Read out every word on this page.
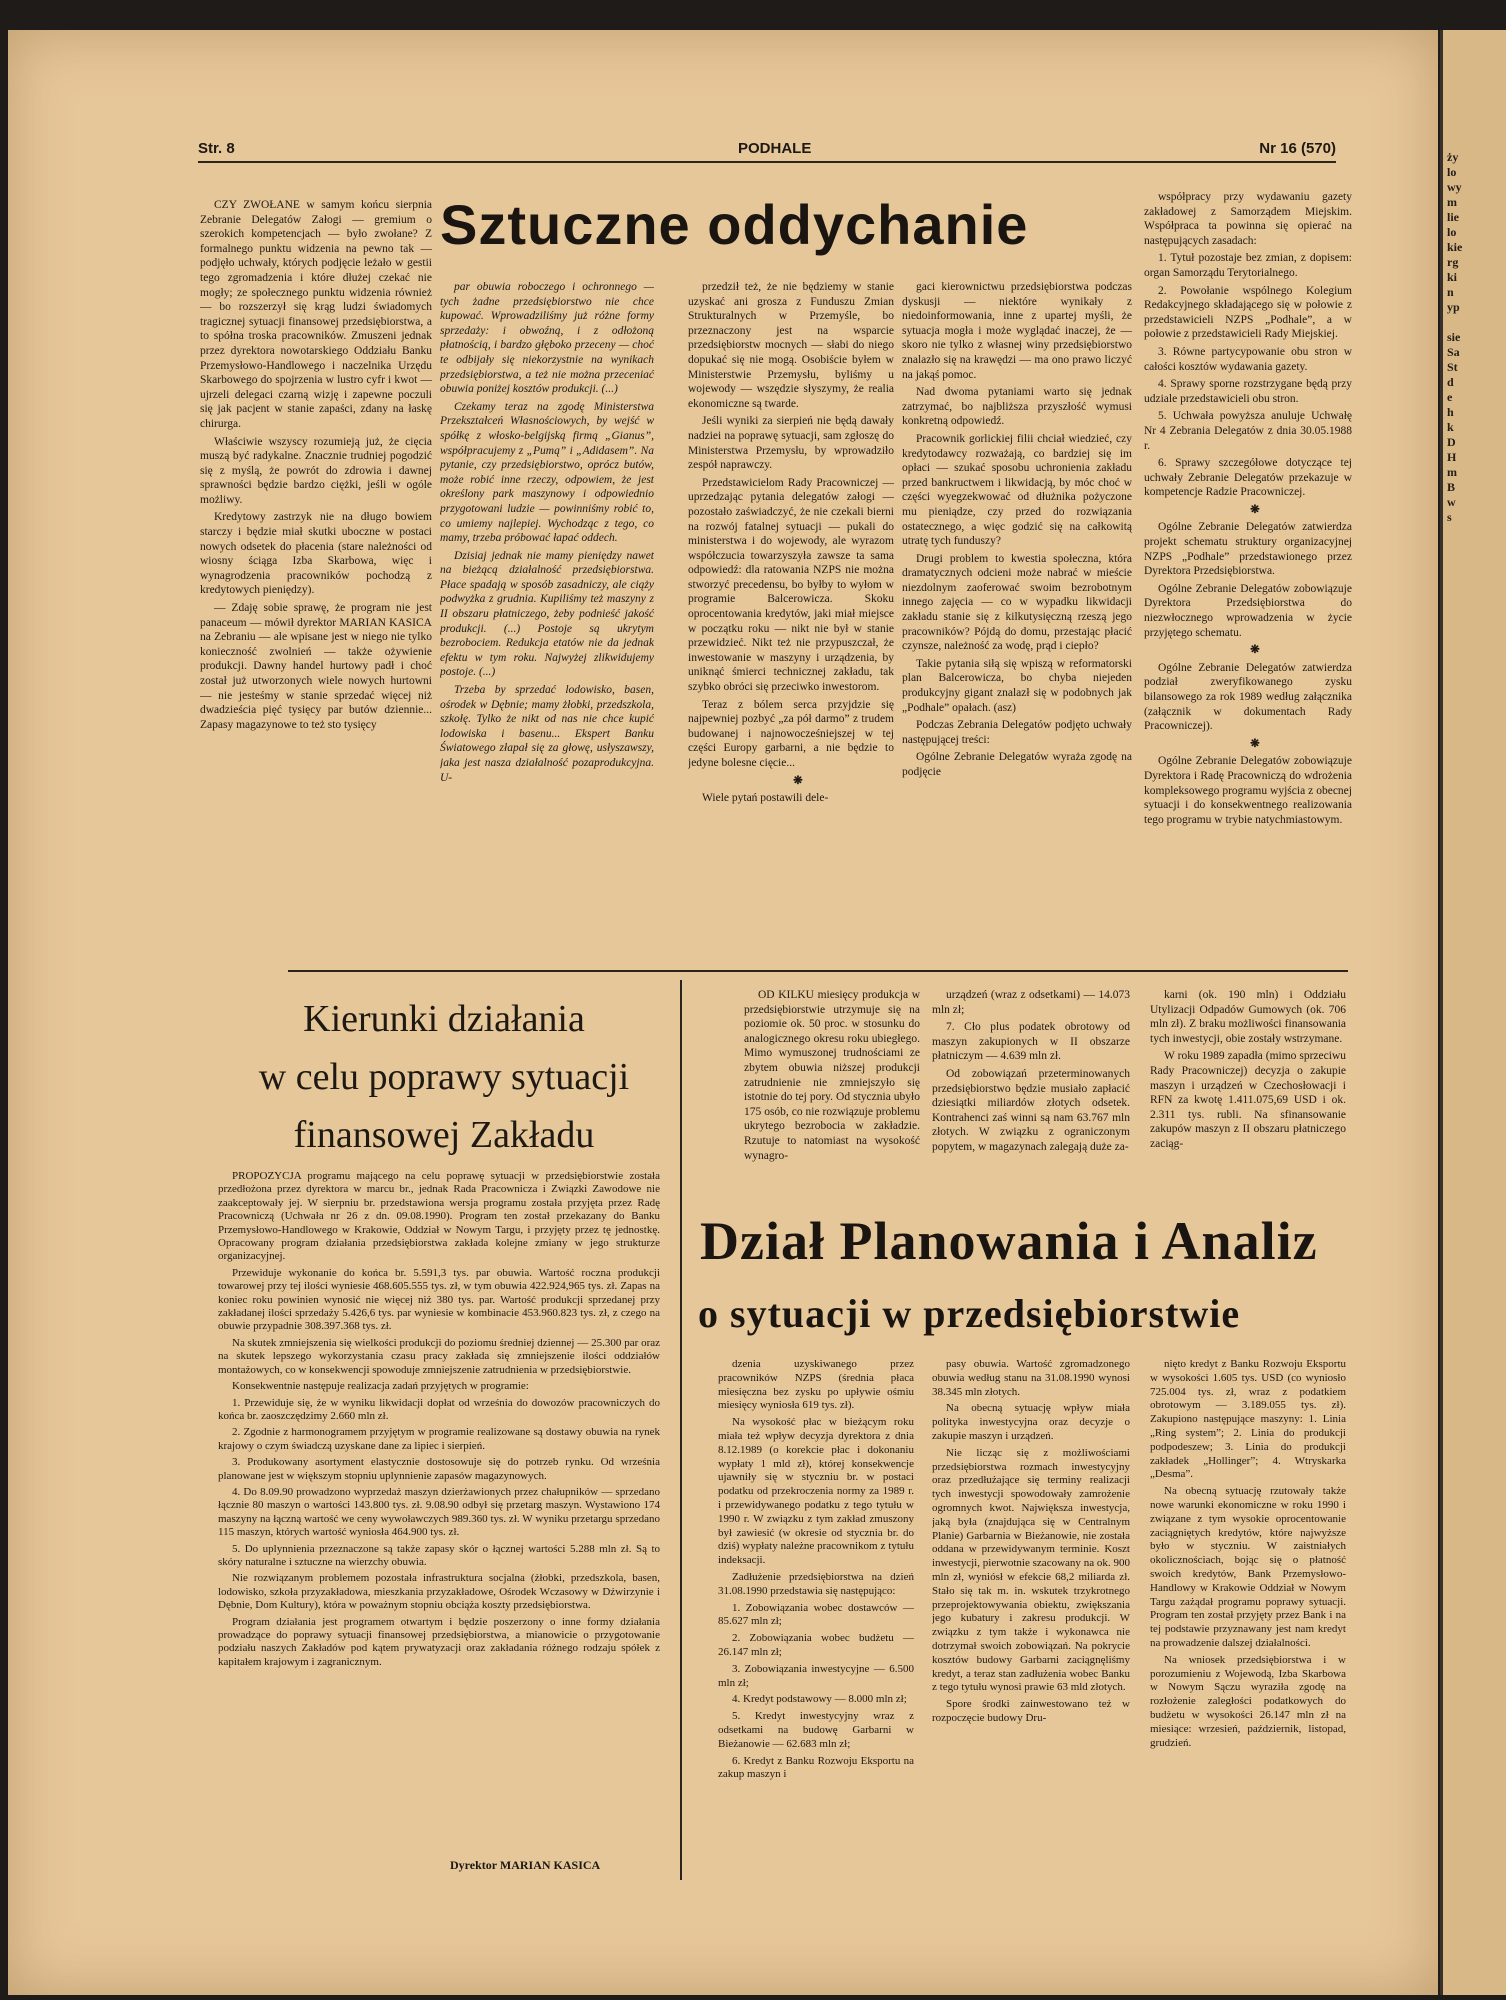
ży
lo
wy
m
lie
lo
kie
rg
ki
n
yp

sie
Sa
St
d
e
h
k
D
H
m
B
w
s
Str. 8	PODHALE	Nr 16 (570)
Sztuczne oddychanie

CZY ZWOŁANE w samym końcu sierpnia Zebranie Delegatów Załogi — gremium o szerokich kompetencjach — było zwołane? Z formalnego punktu widzenia na pewno tak — podjęło uchwały, których podjęcie leżało w gestii tego zgromadzenia i które dłużej czekać nie mogły; ze społecznego punktu widzenia również — bo rozszerzył się krąg ludzi świadomych tragicznej sytuacji finansowej przedsiębiorstwa, a to spółna troska pracowników. Zmuszeni jednak przez dyrektora nowotarskiego Oddziału Banku Przemysłowo-Handlowego i naczelnika Urzędu Skarbowego do spojrzenia w lustro cyfr i kwot — ujrzeli delegaci czarną wizję i zapewne poczuli się jak pacjent w stanie zapaści, zdany na łaskę chirurga.

Właściwie wszyscy rozumieją już, że cięcia muszą być radykalne. Znacznie trudniej pogodzić się z myślą, że powrót do zdrowia i dawnej sprawności będzie bardzo ciężki, jeśli w ogóle możliwy.

Kredytowy zastrzyk nie na długo bowiem starczy i będzie miał skutki uboczne w postaci nowych odsetek do płacenia (stare należności od wiosny ściąga Izba Skarbowa, więc i wynagrodzenia pracowników pochodzą z kredytowych pieniędzy).

— Zdaję sobie sprawę, że program nie jest panaceum — mówił dyrektor MARIAN KASICA na Zebraniu — ale wpisane jest w niego nie tylko konieczność zwolnień — także ożywienie produkcji. Dawny handel hurtowy padł i choć został już utworzonych wiele nowych hurtowni — nie jesteśmy w stanie sprzedać więcej niż dwadzieścia pięć tysięcy par butów dziennie... Zapasy magazynowe to też sto tysięcy

par obuwia roboczego i ochronnego — tych żadne przedsiębiorstwo nie chce kupować. Wprowadziliśmy już różne formy sprzedaży: i obwoźną, i z odłożoną płatnością, i bardzo głęboko przeceny — choć te odbijały się niekorzystnie na wynikach przedsiębiorstwa, a też nie można przeceniać obuwia poniżej kosztów produkcji. (...)

Czekamy teraz na zgodę Ministerstwa Przekształceń Własnościowych, by wejść w spółkę z włosko-belgijską firmą „Gianus”, współpracujemy z „Pumą” i „Adidasem”. Na pytanie, czy przedsiębiorstwo, oprócz butów, może robić inne rzeczy, odpowiem, że jest określony park maszynowy i odpowiednio przygotowani ludzie — powinniśmy robić to, co umiemy najlepiej. Wychodząc z tego, co mamy, trzeba próbować łapać oddech.

Dzisiaj jednak nie mamy pieniędzy nawet na bieżącą działalność przedsiębiorstwa. Płace spadają w sposób zasadniczy, ale ciąży podwyżka z grudnia. Kupiliśmy też maszyny z II obszaru płatniczego, żeby podnieść jakość produkcji. (...) Postoje są ukrytym bezrobociem. Redukcja etatów nie da jednak efektu w tym roku. Najwyżej zlikwidujemy postoje. (...)

Trzeba by sprzedać lodowisko, basen, ośrodek w Dębnie; mamy żłobki, przedszkola, szkołę. Tylko że nikt od nas nie chce kupić lodowiska i basenu... Ekspert Banku Światowego złapał się za głowę, usłyszawszy, jaka jest nasza działalność pozaprodukcyjna. U-

przedził też, że nie będziemy w stanie uzyskać ani grosza z Funduszu Zmian Strukturalnych w Przemyśle, bo przeznaczony jest na wsparcie przedsiębiorstw mocnych — słabi do niego dopukać się nie mogą. Osobiście byłem w Ministerstwie Przemysłu, byliśmy u wojewody — wszędzie słyszymy, że realia ekonomiczne są twarde.

Jeśli wyniki za sierpień nie będą dawały nadziei na poprawę sytuacji, sam zgłoszę do Ministerstwa Przemysłu, by wprowadziło zespół naprawczy.

Przedstawicielom Rady Pracowniczej — uprzedzając pytania delegatów załogi — pozostało zaświadczyć, że nie czekali bierni na rozwój fatalnej sytuacji — pukali do ministerstwa i do wojewody, ale wyrazom współczucia towarzyszyła zawsze ta sama odpowiedź: dla ratowania NZPS nie można stworzyć precedensu, bo byłby to wyłom w programie Balcerowicza. Skoku oprocentowania kredytów, jaki miał miejsce w początku roku — nikt nie był w stanie przewidzieć. Nikt też nie przypuszczał, że inwestowanie w maszyny i urządzenia, by uniknąć śmierci technicznej zakładu, tak szybko obróci się przeciwko inwestorom.

Teraz z bólem serca przyjdzie się najpewniej pozbyć „za pół darmo” z trudem budowanej i najnowocześniejszej w tej części Europy garbarni, a nie będzie to jedyne bolesne cięcie...

❋

Wiele pytań postawili dele-

gaci kierownictwu przedsiębiorstwa podczas dyskusji — niektóre wynikały z niedoinformowania, inne z upartej myśli, że sytuacja mogła i może wyglądać inaczej, że — skoro nie tylko z własnej winy przedsiębiorstwo znalazło się na krawędzi — ma ono prawo liczyć na jakąś pomoc.

Nad dwoma pytaniami warto się jednak zatrzymać, bo najbliższa przyszłość wymusi konkretną odpowiedź.

Pracownik gorlickiej filii chciał wiedzieć, czy kredytodawcy rozważają, co bardziej się im opłaci — szukać sposobu uchronienia zakładu przed bankructwem i likwidacją, by móc choć w części wyegzekwować od dłużnika pożyczone mu pieniądze, czy przed do rozwiązania ostatecznego, a więc godzić się na całkowitą utratę tych funduszy?

Drugi problem to kwestia społeczna, która dramatycznych odcieni może nabrać w mieście niezdolnym zaoferować swoim bezrobotnym innego zajęcia — co w wypadku likwidacji zakładu stanie się z kilkutysięczną rzeszą jego pracowników? Pójdą do domu, przestając płacić czynsze, należność za wodę, prąd i ciepło?

Takie pytania siłą się wpiszą w reformatorski plan Balcerowicza, bo chyba niejeden produkcyjny gigant znalazł się w podobnych jak „Podhale” opałach. (asz)

Podczas Zebrania Delegatów podjęto uchwały następującej treści:

Ogólne Zebranie Delegatów wyraża zgodę na podjęcie

współpracy przy wydawaniu gazety zakładowej z Samorządem Miejskim. Współpraca ta powinna się opierać na następujących zasadach:

1. Tytuł pozostaje bez zmian, z dopisem: organ Samorządu Terytorialnego.

2. Powołanie wspólnego Kolegium Redakcyjnego składającego się w połowie z przedstawicieli NZPS „Podhale”, a w połowie z przedstawicieli Rady Miejskiej.

3. Równe partycypowanie obu stron w całości kosztów wydawania gazety.

4. Sprawy sporne rozstrzygane będą przy udziale przedstawicieli obu stron.

5. Uchwała powyższa anuluje Uchwałę Nr 4 Zebrania Delegatów z dnia 30.05.1988 r.

6. Sprawy szczegółowe dotyczące tej uchwały Zebranie Delegatów przekazuje w kompetencje Radzie Pracowniczej.

❋

Ogólne Zebranie Delegatów zatwierdza projekt schematu struktury organizacyjnej NZPS „Podhale” przedstawionego przez Dyrektora Przedsiębiorstwa.

Ogólne Zebranie Delegatów zobowiązuje Dyrektora Przedsiębiorstwa do niezwłocznego wprowadzenia w życie przyjętego schematu.

❋

Ogólne Zebranie Delegatów zatwierdza podział zweryfikowanego zysku bilansowego za rok 1989 według załącznika (załącznik w dokumentach Rady Pracowniczej).

❋

Ogólne Zebranie Delegatów zobowiązuje Dyrektora i Radę Pracowniczą do wdrożenia kompleksowego programu wyjścia z obecnej sytuacji i do konsekwentnego realizowania tego programu w trybie natychmiastowym.

Kierunki działania
w celu poprawy sytuacji
finansowej Zakładu

PROPOZYCJA programu mającego na celu poprawę sytuacji w przedsiębiorstwie została przedłożona przez dyrektora w marcu br., jednak Rada Pracownicza i Związki Zawodowe nie zaakceptowały jej. W sierpniu br. przedstawiona wersja programu została przyjęta przez Radę Pracowniczą (Uchwała nr 26 z dn. 09.08.1990). Program ten został przekazany do Banku Przemysłowo-Handlowego w Krakowie, Oddział w Nowym Targu, i przyjęty przez tę jednostkę. Opracowany program działania przedsiębiorstwa zakłada kolejne zmiany w jego strukturze organizacyjnej.

Przewiduje wykonanie do końca br. 5.591,3 tys. par obuwia. Wartość roczna produkcji towarowej przy tej ilości wyniesie 468.605.555 tys. zł, w tym obuwia 422.924,965 tys. zł. Zapas na koniec roku powinien wynosić nie więcej niż 380 tys. par. Wartość produkcji sprzedanej przy zakładanej ilości sprzedaży 5.426,6 tys. par wyniesie w kombinacie 453.960.823 tys. zł, z czego na obuwie przypadnie 308.397.368 tys. zł.

Na skutek zmniejszenia się wielkości produkcji do poziomu średniej dziennej — 25.300 par oraz na skutek lepszego wykorzystania czasu pracy zakłada się zmniejszenie ilości oddziałów montażowych, co w konsekwencji spowoduje zmniejszenie zatrudnienia w przedsiębiorstwie.

Konsekwentnie następuje realizacja zadań przyjętych w programie:

1. Przewiduje się, że w wyniku likwidacji dopłat od września do dowozów pracowniczych do końca br. zaoszczędzimy 2.660 mln zł.

2. Zgodnie z harmonogramem przyjętym w programie realizowane są dostawy obuwia na rynek krajowy o czym świadczą uzyskane dane za lipiec i sierpień.

3. Produkowany asortyment elastycznie dostosowuje się do potrzeb rynku. Od września planowane jest w większym stopniu uplynnienie zapasów magazynowych.

4. Do 8.09.90 prowadzono wyprzedaż maszyn dzierżawionych przez chałupników — sprzedano łącznie 80 maszyn o wartości 143.800 tys. zł. 9.08.90 odbył się przetarg maszyn. Wystawiono 174 maszyny na łączną wartość we ceny wywoławczych 989.360 tys. zł. W wyniku przetargu sprzedano 115 maszyn, których wartość wyniosła 464.900 tys. zł.

5. Do uplynnienia przeznaczone są także zapasy skór o łącznej wartości 5.288 mln zł. Są to skóry naturalne i sztuczne na wierzchy obuwia.

Nie rozwiązanym problemem pozostała infrastruktura socjalna (żłobki, przedszkola, basen, lodowisko, szkoła przyzakładowa, mieszkania przyzakładowe, Ośrodek Wczasowy w Dźwirzynie i Dębnie, Dom Kultury), która w poważnym stopniu obciąża koszty przedsiębiorstwa.

Program działania jest programem otwartym i będzie poszerzony o inne formy działania prowadzące do poprawy sytuacji finansowej przedsiębiorstwa, a mianowicie o przygotowanie podziału naszych Zakładów pod kątem prywatyzacji oraz zakładania różnego rodzaju spółek z kapitałem krajowym i zagranicznym.

Dyrektor MARIAN KASICA

OD KILKU miesięcy produkcja w przedsiębiorstwie utrzymuje się na poziomie ok. 50 proc. w stosunku do analogicznego okresu roku ubiegłego. Mimo wymuszonej trudnościami ze zbytem obuwia niższej produkcji zatrudnienie nie zmniejszyło się istotnie do tej pory. Od stycznia ubyło 175 osób, co nie rozwiązuje problemu ukrytego bezrobocia w zakładzie. Rzutuje to natomiast na wysokość wynagro-

urządzeń (wraz z odsetkami) — 14.073 mln zł;

7. Cło plus podatek obrotowy od maszyn zakupionych w II obszarze płatniczym — 4.639 mln zł.

Od zobowiązań przeterminowanych przedsiębiorstwo będzie musiało zapłacić dziesiątki miliardów złotych odsetek. Kontrahenci zaś winni są nam 63.767 mln złotych. W związku z ograniczonym popytem, w magazynach zalegają duże za-

karni (ok. 190 mln) i Oddziału Utylizacji Odpadów Gumowych (ok. 706 mln zł). Z braku możliwości finansowania tych inwestycji, obie zostały wstrzymane.

W roku 1989 zapadła (mimo sprzeciwu Rady Pracowniczej) decyzja o zakupie maszyn i urządzeń w Czechosłowacji i RFN za kwotę 1.411.075,69 USD i ok. 2.311 tys. rubli. Na sfinansowanie zakupów maszyn z II obszaru płatniczego zaciąg-

Dział Planowania i Analiz
o sytuacji w przedsiębiorstwie

dzenia uzyskiwanego przez pracowników NZPS (średnia płaca miesięczna bez zysku po upływie ośmiu miesięcy wyniosła 619 tys. zł).

Na wysokość płac w bieżącym roku miała też wpływ decyzja dyrektora z dnia 8.12.1989 (o korekcie płac i dokonaniu wypłaty 1 mld zł), której konsekwencje ujawniły się w styczniu br. w postaci podatku od przekroczenia normy za 1989 r. i przewidywanego podatku z tego tytułu w 1990 r. W związku z tym zakład zmuszony był zawiesić (w okresie od stycznia br. do dziś) wypłaty należne pracownikom z tytułu indeksacji.

Zadłużenie przedsiębiorstwa na dzień 31.08.1990 przedstawia się następująco:

1. Zobowiązania wobec dostawców — 85.627 mln zł;

2. Zobowiązania wobec budżetu — 26.147 mln zł;

3. Zobowiązania inwestycyjne — 6.500 mln zł;

4. Kredyt podstawowy — 8.000 mln zł;

5. Kredyt inwestycyjny wraz z odsetkami na budowę Garbarni w Bieżanowie — 62.683 mln zł;

6. Kredyt z Banku Rozwoju Eksportu na zakup maszyn i

pasy obuwia. Wartość zgromadzonego obuwia według stanu na 31.08.1990 wynosi 38.345 mln złotych.

Na obecną sytuację wpływ miała polityka inwestycyjna oraz decyzje o zakupie maszyn i urządzeń.

Nie licząc się z możliwościami przedsiębiorstwa rozmach inwestycyjny oraz przedłużające się terminy realizacji tych inwestycji spowodowały zamrożenie ogromnych kwot. Największa inwestycja, jaką była (znajdująca się w Centralnym Planie) Garbarnia w Bieżanowie, nie została oddana w przewidywanym terminie. Koszt inwestycji, pierwotnie szacowany na ok. 900 mln zł, wyniósł w efekcie 68,2 miliarda zł. Stało się tak m. in. wskutek trzykrotnego przeprojektowywania obiektu, zwiększania jego kubatury i zakresu produkcji. W związku z tym także i wykonawca nie dotrzymał swoich zobowiązań. Na pokrycie kosztów budowy Garbarni zaciągnęliśmy kredyt, a teraz stan zadłużenia wobec Banku z tego tytułu wynosi prawie 63 mld złotych.

Spore środki zainwestowano też w rozpoczęcie budowy Dru-

nięto kredyt z Banku Rozwoju Eksportu w wysokości 1.605 tys. USD (co wyniosło 725.004 tys. zł, wraz z podatkiem obrotowym — 3.189.055 tys. zł). Zakupiono następujące maszyny: 1. Linia „Ring system”; 2. Linia do produkcji podpodeszew; 3. Linia do produkcji zakładek „Hollinger”; 4. Wtryskarka „Desma”.

Na obecną sytuację rzutowały także nowe warunki ekonomiczne w roku 1990 i związane z tym wysokie oprocentowanie zaciągniętych kredytów, które najwyższe było w styczniu. W zaistniałych okolicznościach, bojąc się o płatność swoich kredytów, Bank Przemysłowo-Handlowy w Krakowie Oddział w Nowym Targu zażądał programu poprawy sytuacji. Program ten został przyjęty przez Bank i na tej podstawie przyznawany jest nam kredyt na prowadzenie dalszej działalności.

Na wniosek przedsiębiorstwa i w porozumieniu z Wojewodą, Izba Skarbowa w Nowym Sączu wyraziła zgodę na rozłożenie zaległości podatkowych do budżetu w wysokości 26.147 mln zł na miesiące: wrzesień, październik, listopad, grudzień.
